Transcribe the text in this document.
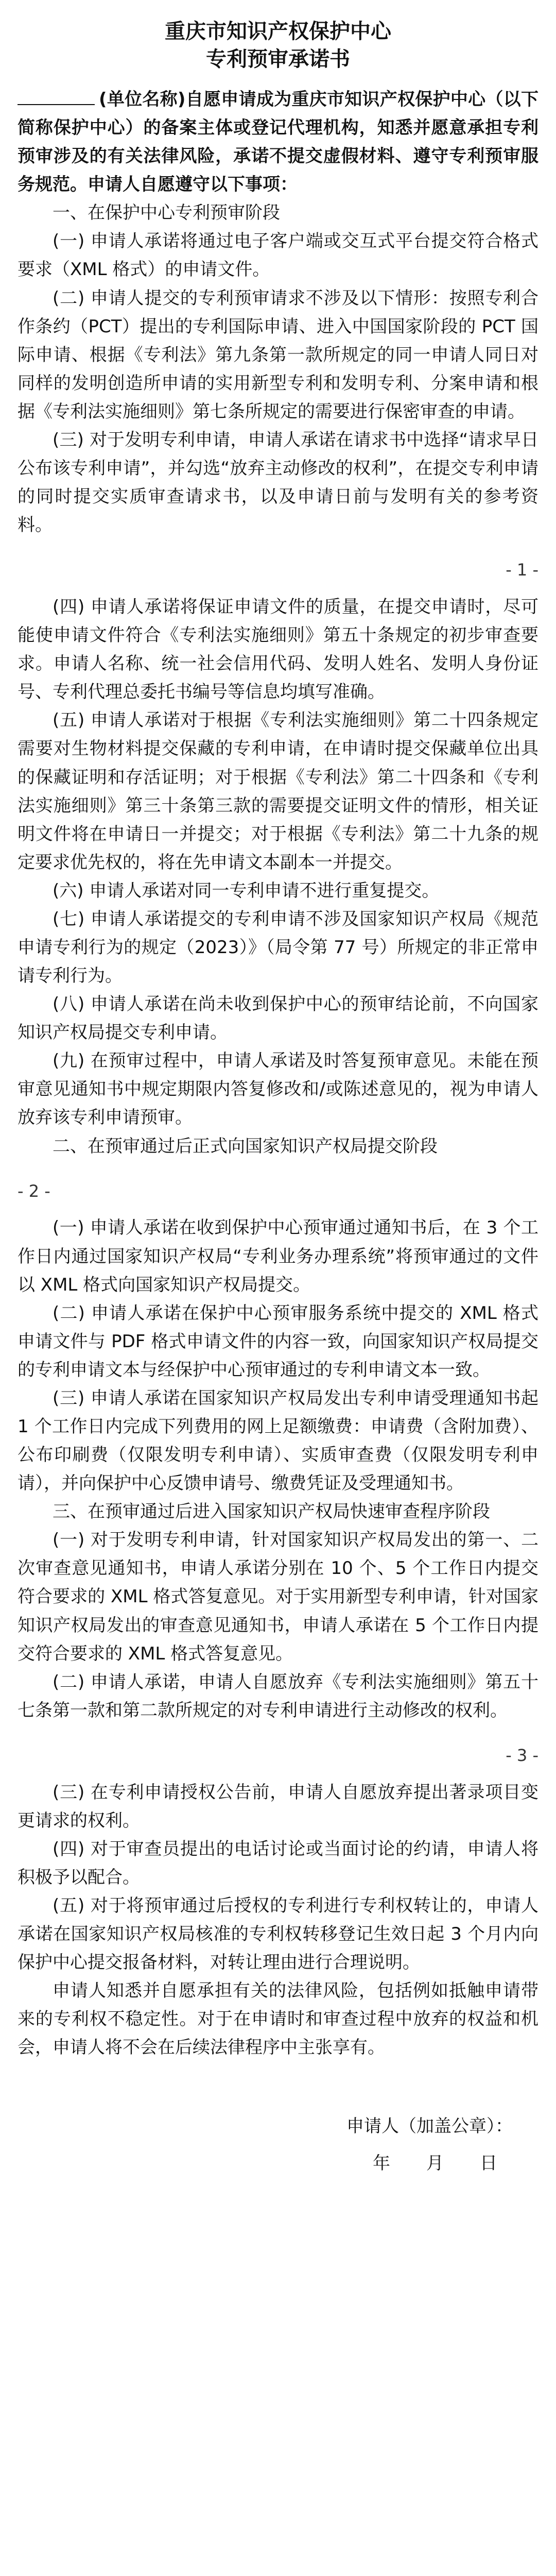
重庆市知识产权保护中心
专利预审承诺书

(单位名称)自愿申请成为重庆市知识产权保护中心（以下简称保护中心）的备案主体或登记代理机构，知悉并愿意承担专利预审涉及的有关法律风险，承诺不提交虚假材料、遵守专利预审服务规范。申请人自愿遵守以下事项：

一、在保护中心专利预审阶段

(一) 申请人承诺将通过电子客户端或交互式平台提交符合格式要求（XML 格式）的申请文件。

(二) 申请人提交的专利预审请求不涉及以下情形：按照专利合作条约（PCT）提出的专利国际申请、进入中国国家阶段的 PCT 国际申请、根据《专利法》第九条第一款所规定的同一申请人同日对同样的发明创造所申请的实用新型专利和发明专利、分案申请和根据《专利法实施细则》第七条所规定的需要进行保密审查的申请。

(三) 对于发明专利申请，申请人承诺在请求书中选择“请求早日公布该专利申请”，并勾选“放弃主动修改的权利”，在提交专利申请的同时提交实质审查请求书，以及申请日前与发明有关的参考资料。

- 1 -

(四) 申请人承诺将保证申请文件的质量，在提交申请时，尽可能使申请文件符合《专利法实施细则》第五十条规定的初步审查要求。申请人名称、统一社会信用代码、发明人姓名、发明人身份证号、专利代理总委托书编号等信息均填写准确。

(五) 申请人承诺对于根据《专利法实施细则》第二十四条规定需要对生物材料提交保藏的专利申请，在申请时提交保藏单位出具的保藏证明和存活证明；对于根据《专利法》第二十四条和《专利法实施细则》第三十条第三款的需要提交证明文件的情形，相关证明文件将在申请日一并提交；对于根据《专利法》第二十九条的规定要求优先权的，将在先申请文本副本一并提交。

(六) 申请人承诺对同一专利申请不进行重复提交。

(七) 申请人承诺提交的专利申请不涉及国家知识产权局《规范申请专利行为的规定（2023）》（局令第 77 号）所规定的非正常申请专利行为。

(八) 申请人承诺在尚未收到保护中心的预审结论前，不向国家知识产权局提交专利申请。

(九) 在预审过程中，申请人承诺及时答复预审意见。未能在预审意见通知书中规定期限内答复修改和/或陈述意见的，视为申请人放弃该专利申请预审。

二、在预审通过后正式向国家知识产权局提交阶段

- 2 -

(一) 申请人承诺在收到保护中心预审通过通知书后，在 3 个工作日内通过国家知识产权局“专利业务办理系统”将预审通过的文件以 XML 格式向国家知识产权局提交。

(二) 申请人承诺在保护中心预审服务系统中提交的 XML 格式申请文件与 PDF 格式申请文件的内容一致，向国家知识产权局提交的专利申请文本与经保护中心预审通过的专利申请文本一致。

(三) 申请人承诺在国家知识产权局发出专利申请受理通知书起 1 个工作日内完成下列费用的网上足额缴费：申请费（含附加费）、公布印刷费（仅限发明专利申请）、实质审查费（仅限发明专利申请），并向保护中心反馈申请号、缴费凭证及受理通知书。

三、在预审通过后进入国家知识产权局快速审查程序阶段

(一) 对于发明专利申请，针对国家知识产权局发出的第一、二次审查意见通知书，申请人承诺分别在 10 个、5 个工作日内提交符合要求的 XML 格式答复意见。对于实用新型专利申请，针对国家知识产权局发出的审查意见通知书，申请人承诺在 5 个工作日内提交符合要求的 XML 格式答复意见。

(二) 申请人承诺，申请人自愿放弃《专利法实施细则》第五十七条第一款和第二款所规定的对专利申请进行主动修改的权利。

- 3 -

(三) 在专利申请授权公告前，申请人自愿放弃提出著录项目变更请求的权利。

(四) 对于审查员提出的电话讨论或当面讨论的约请，申请人将积极予以配合。

(五) 对于将预审通过后授权的专利进行专利权转让的，申请人承诺在国家知识产权局核准的专利权转移登记生效日起 3 个月内向保护中心提交报备材料，对转让理由进行合理说明。

申请人知悉并自愿承担有关的法律风险，包括例如抵触申请带来的专利权不稳定性。对于在申请时和审查过程中放弃的权益和机会，申请人将不会在后续法律程序中主张享有。

申请人（加盖公章）：
年 月 日
